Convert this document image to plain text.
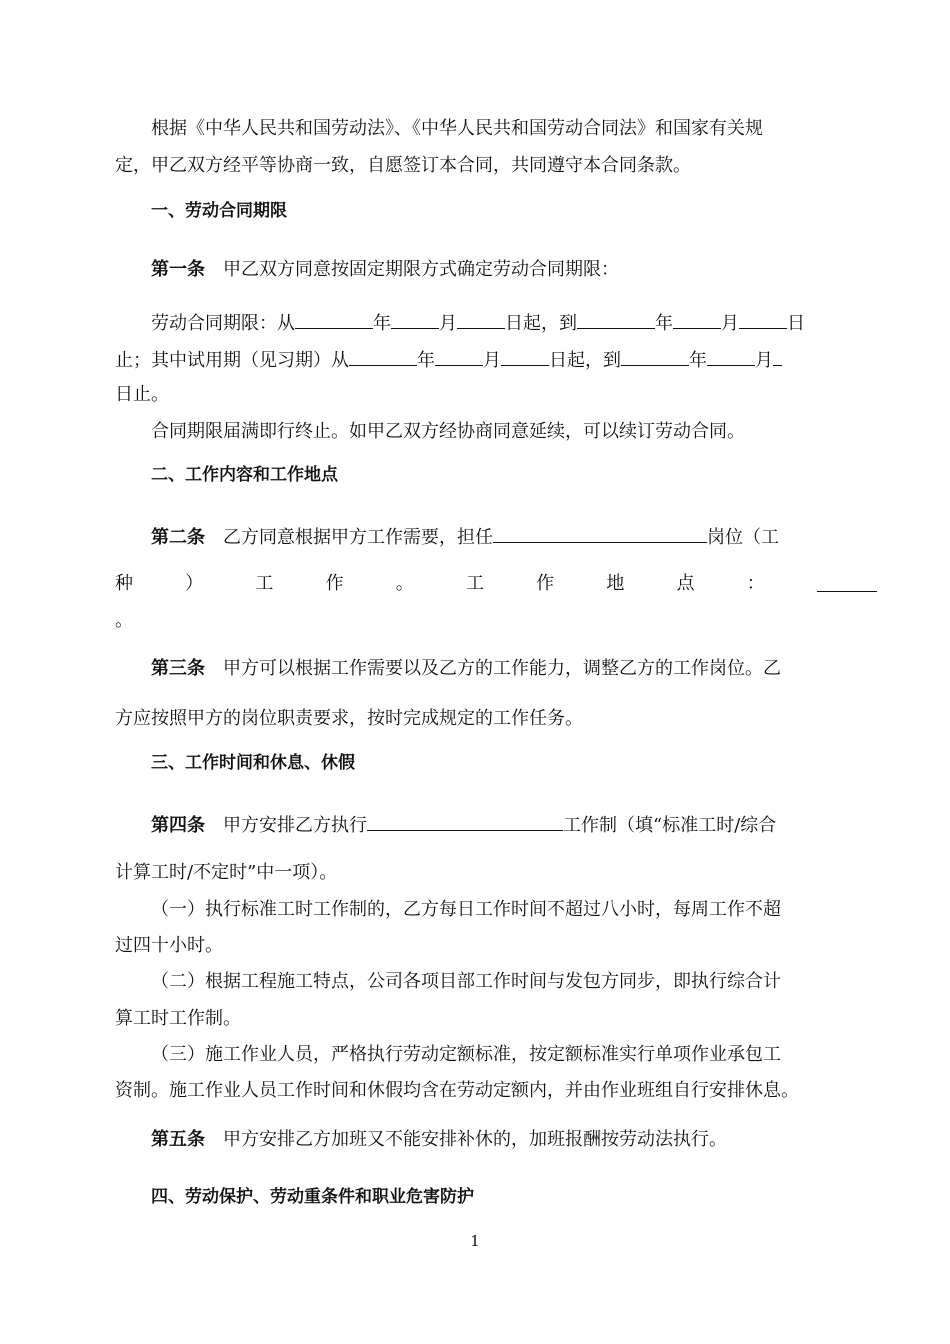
根据《中华人民共和国劳动法》、《中华人民共和国劳动合同法》和国家有关规
定，甲乙双方经平等协商一致，自愿签订本合同，共同遵守本合同条款。
一、劳动合同期限
第一条 甲乙双方同意按固定期限方式确定劳动合同期限：
劳动合同期限：从	年	月	日起，到	年	月	日
止；其中试用期（见习期）从	年	月	日起，到	年	月
日止。
合同期限届满即行终止。如甲乙双方经协商同意延续，可以续订劳动合同。
二、工作内容和工作地点
第二条 乙方同意根据甲方工作需要，担任	岗位（工
种	）	工	作	。	工	作	地	点	：
。
第三条 甲方可以根据工作需要以及乙方的工作能力，调整乙方的工作岗位。乙
方应按照甲方的岗位职责要求，按时完成规定的工作任务。
三、工作时间和休息、休假
第四条 甲方安排乙方执行	工作制（填“标准工时/综合
计算工时/不定时”中一项）。
（一）执行标准工时工作制的，乙方每日工作时间不超过八小时，每周工作不超
过四十小时。
（二）根据工程施工特点，公司各项目部工作时间与发包方同步，即执行综合计
算工时工作制。
（三）施工作业人员，严格执行劳动定额标准，按定额标准实行单项作业承包工
资制。施工作业人员工作时间和休假均含在劳动定额内，并由作业班组自行安排休息。
第五条 甲方安排乙方加班又不能安排补休的，加班报酬按劳动法执行。
四、劳动保护、劳动重条件和职业危害防护
1
